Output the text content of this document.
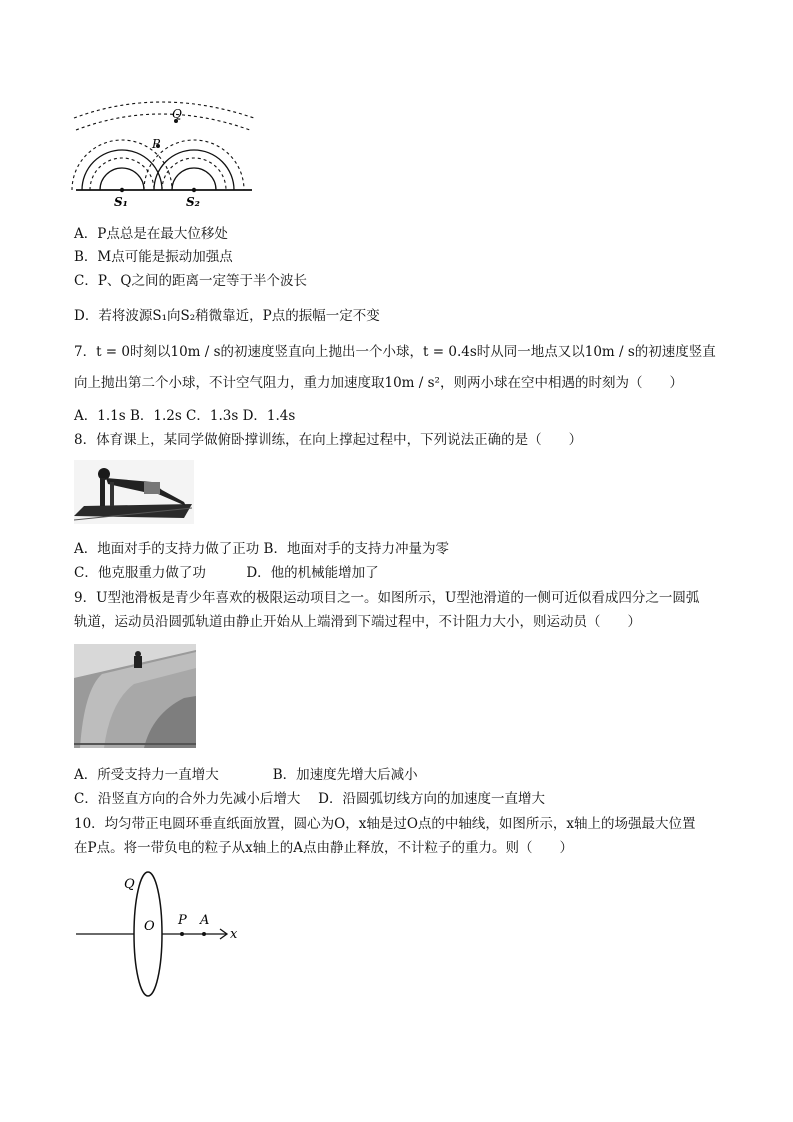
Q
P
S₁	S₂
A．P点总是在最大位移处
B．M点可能是振动加强点
C．P、Q之间的距离一定等于半个波长
D．若将波源S₁向S₂稍微靠近，P点的振幅一定不变
7．t = 0时刻以10m / s的初速度竖直向上抛出一个小球，t = 0.4s时从同一地点又以10m / s的初速度竖直
向上抛出第二个小球，不计空气阻力，重力加速度取10m / s²，则两小球在空中相遇的时刻为（　　）
A．1.1s B．1.2s C．1.3s D．1.4s
8．体育课上，某同学做俯卧撑训练，在向上撑起过程中，下列说法正确的是（　　）
A．地面对手的支持力做了正功 B．地面对手的支持力冲量为零
C．他克服重力做了功　　　D．他的机械能增加了
9．U型池滑板是青少年喜欢的极限运动项目之一。如图所示，U型池滑道的一侧可近似看成四分之一圆弧
轨道，运动员沿圆弧轨道由静止开始从上端滑到下端过程中，不计阻力大小，则运动员（　　）
A．所受支持力一直增大　　　　B．加速度先增大后减小
C．沿竖直方向的合外力先减小后增大　 D．沿圆弧切线方向的加速度一直增大
10．均匀带正电圆环垂直纸面放置，圆心为O，x轴是过O点的中轴线，如图所示，x轴上的场强最大位置
在P点。将一带负电的粒子从x轴上的A点由静止释放，不计粒子的重力。则（　　）
Q
O P A
x
